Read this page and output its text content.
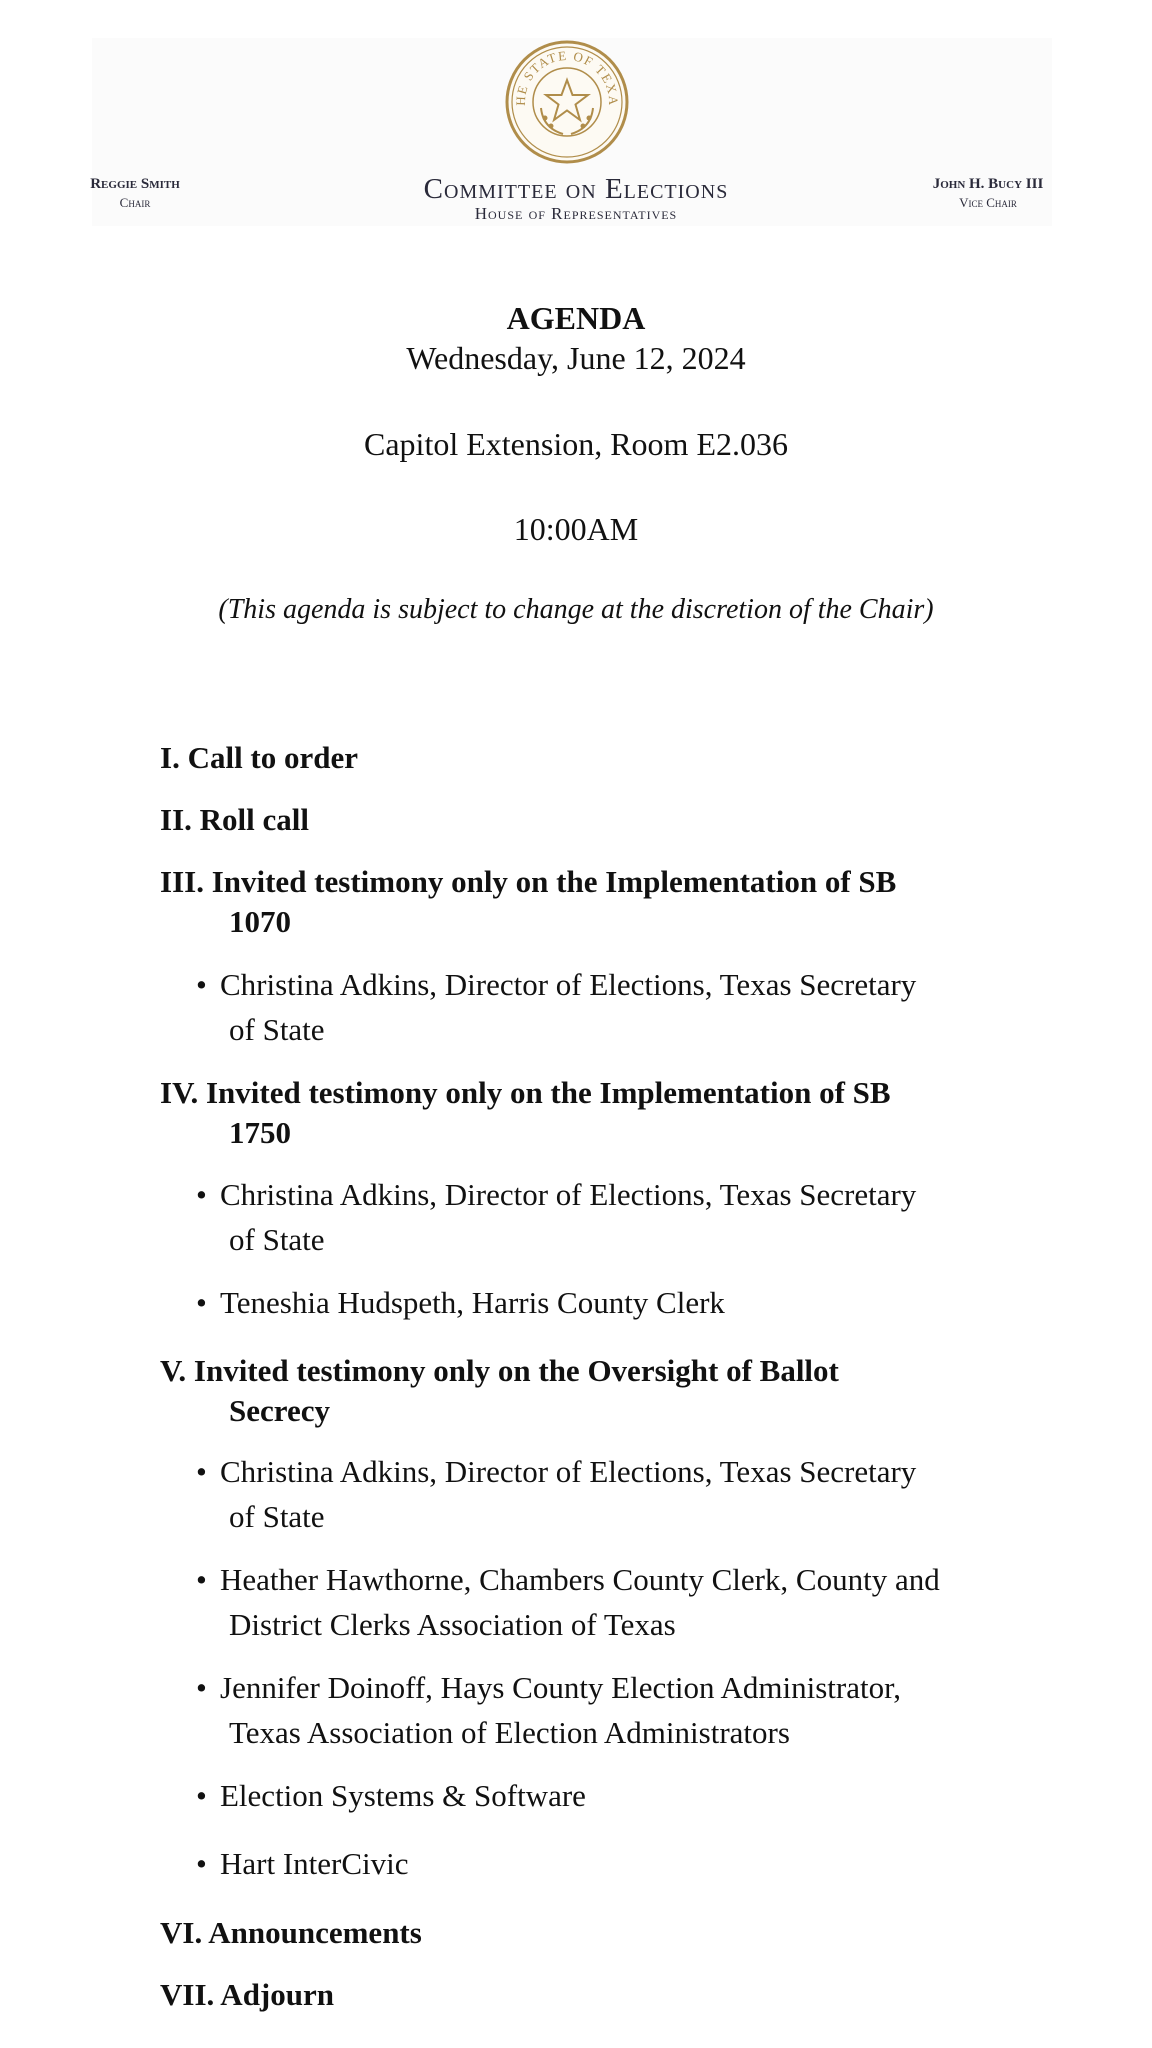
HE STATE OF TEXA
Reggie Smith
Chair	Committee on Elections
House of Representatives
John H. Bucy III
Vice Chair
AGENDA
Wednesday, June 12, 2024
Capitol Extension, Room E2.036
10:00AM
(This agenda is subject to change at the discretion of the Chair)
I. Call to order
II. Roll call
III. Invited testimony only on the Implementation of SB
1070
• Christina Adkins, Director of Elections, Texas Secretary
of State
IV. Invited testimony only on the Implementation of SB
1750
• Christina Adkins, Director of Elections, Texas Secretary
of State
• Teneshia Hudspeth, Harris County Clerk
V. Invited testimony only on the Oversight of Ballot
Secrecy
• Christina Adkins, Director of Elections, Texas Secretary
of State
• Heather Hawthorne, Chambers County Clerk, County and
District Clerks Association of Texas
• Jennifer Doinoff, Hays County Election Administrator,
Texas Association of Election Administrators
• Election Systems & Software
• Hart InterCivic
VI. Announcements
VII. Adjourn
